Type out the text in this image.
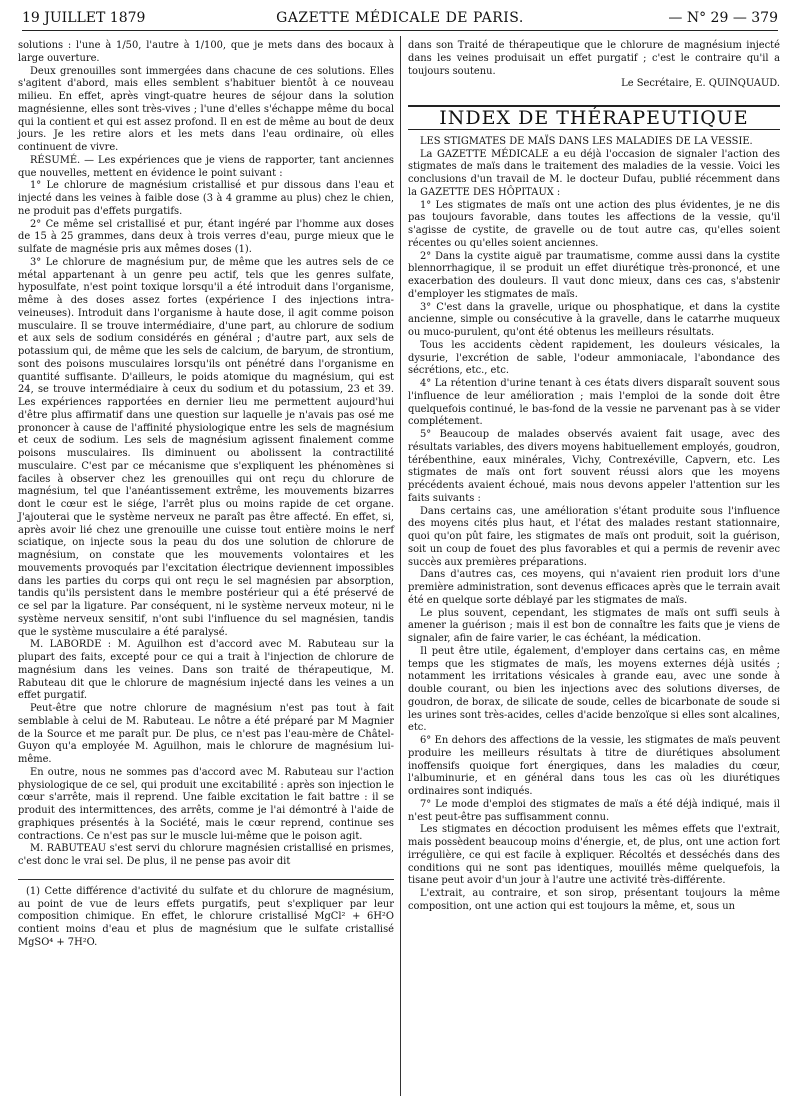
19 JUILLET 1879	GAZETTE MÉDICALE DE PARIS.	— N° 29 — 379

solutions : l'une à 1/50, l'autre à 1/100, que je mets dans des bocaux à large ouverture.

Deux grenouilles sont immergées dans chacune de ces solutions. Elles s'agitent d'abord, mais elles semblent s'habituer bientôt à ce nouveau milieu. En effet, après vingt-quatre heures de séjour dans la solution magnésienne, elles sont très-vives ; l'une d'elles s'échappe même du bocal qui la contient et qui est assez profond. Il en est de même au bout de deux jours. Je les retire alors et les mets dans l'eau ordinaire, où elles continuent de vivre.

RÉSUMÉ. — Les expériences que je viens de rapporter, tant anciennes que nouvelles, mettent en évidence le point suivant :

1° Le chlorure de magnésium cristallisé et pur dissous dans l'eau et injecté dans les veines à faible dose (3 à 4 gramme au plus) chez le chien, ne produit pas d'effets purgatifs.

2° Ce même sel cristallisé et pur, étant ingéré par l'homme aux doses de 15 à 25 grammes, dans deux à trois verres d'eau, purge mieux que le sulfate de magnésie pris aux mêmes doses (1).

3° Le chlorure de magnésium pur, de même que les autres sels de ce métal appartenant à un genre peu actif, tels que les genres sulfate, hyposulfate, n'est point toxique lorsqu'il a été introduit dans l'organisme, même à des doses assez fortes (expérience I des injections intra-veineuses). Introduit dans l'organisme à haute dose, il agit comme poison musculaire. Il se trouve intermédiaire, d'une part, au chlorure de sodium et aux sels de sodium considérés en général ; d'autre part, aux sels de potassium qui, de même que les sels de calcium, de baryum, de strontium, sont des poisons musculaires lorsqu'ils ont pénétré dans l'organisme en quantité suffisante. D'ailleurs, le poids atomique du magnésium, qui est 24, se trouve intermédiaire à ceux du sodium et du potassium, 23 et 39. Les expériences rapportées en dernier lieu me permettent aujourd'hui d'être plus affirmatif dans une question sur laquelle je n'avais pas osé me prononcer à cause de l'affinité physiologique entre les sels de magnésium et ceux de sodium. Les sels de magnésium agissent finalement comme poisons musculaires. Ils diminuent ou abolissent la contractilité musculaire. C'est par ce mécanisme que s'expliquent les phénomènes si faciles à observer chez les grenouilles qui ont reçu du chlorure de magnésium, tel que l'anéantissement extrême, les mouvements bizarres dont le cœur est le siége, l'arrêt plus ou moins rapide de cet organe. J'ajouterai que le système nerveux ne paraît pas être affecté. En effet, si, après avoir lié chez une grenouille une cuisse tout entière moins le nerf sciatique, on injecte sous la peau du dos une solution de chlorure de magnésium, on constate que les mouvements volontaires et les mouvements provoqués par l'excitation électrique deviennent impossibles dans les parties du corps qui ont reçu le sel magnésien par absorption, tandis qu'ils persistent dans le membre postérieur qui a été préservé de ce sel par la ligature. Par conséquent, ni le système nerveux moteur, ni le système nerveux sensitif, n'ont subi l'influence du sel magnésien, tandis que le système musculaire a été paralysé.

M. LABORDE : M. Aguilhon est d'accord avec M. Rabuteau sur la plupart des faits, excepté pour ce qui a trait à l'injection de chlorure de magnésium dans les veines. Dans son traité de thérapeutique, M. Rabuteau dit que le chlorure de magnésium injecté dans les veines a un effet purgatif.

Peut-être que notre chlorure de magnésium n'est pas tout à fait semblable à celui de M. Rabuteau. Le nôtre a été préparé par M Magnier de la Source et me paraît pur. De plus, ce n'est pas l'eau-mère de Châtel-Guyon qu'a employée M. Aguilhon, mais le chlorure de magnésium lui-même.

En outre, nous ne sommes pas d'accord avec M. Rabuteau sur l'action physiologique de ce sel, qui produit une excitabilité : après son injection le cœur s'arrête, mais il reprend. Une faible excitation le fait battre : il se produit des intermittences, des arrêts, comme je l'ai démontré à l'aide de graphiques présentés à la Société, mais le cœur reprend, continue ses contractions. Ce n'est pas sur le muscle lui-même que le poison agit.

M. RABUTEAU s'est servi du chlorure magnésien cristallisé en prismes, c'est donc le vrai sel. De plus, il ne pense pas avoir dit

(1) Cette différence d'activité du sulfate et du chlorure de magnésium, au point de vue de leurs effets purgatifs, peut s'expliquer par leur composition chimique. En effet, le chlorure cristallisé MgCl² + 6H²O contient moins d'eau et plus de magnésium que le sulfate cristallisé MgSO⁴ + 7H²O.

dans son Traité de thérapeutique que le chlorure de magnésium injecté dans les veines produisait un effet purgatif ; c'est le contraire qu'il a toujours soutenu.

Le Secrétaire, E. QUINQUAUD.

INDEX DE THÉRAPEUTIQUE

LES STIGMATES DE MAÏS DANS LES MALADIES DE LA VESSIE.

La GAZETTE MÉDICALE a eu déjà l'occasion de signaler l'action des stigmates de maïs dans le traitement des maladies de la vessie. Voici les conclusions d'un travail de M. le docteur Dufau, publié récemment dans la GAZETTE DES HÔPITAUX :

1° Les stigmates de maïs ont une action des plus évidentes, je ne dis pas toujours favorable, dans toutes les affections de la vessie, qu'il s'agisse de cystite, de gravelle ou de tout autre cas, qu'elles soient récentes ou qu'elles soient anciennes.

2° Dans la cystite aiguë par traumatisme, comme aussi dans la cystite blennorrhagique, il se produit un effet diurétique très-prononcé, et une exacerbation des douleurs. Il vaut donc mieux, dans ces cas, s'abstenir d'employer les stigmates de maïs.

3° C'est dans la gravelle, urique ou phosphatique, et dans la cystite ancienne, simple ou consécutive à la gravelle, dans le catarrhe muqueux ou muco-purulent, qu'ont été obtenus les meilleurs résultats.

Tous les accidents cèdent rapidement, les douleurs vésicales, la dysurie, l'excrétion de sable, l'odeur ammoniacale, l'abondance des sécrétions, etc., etc.

4° La rétention d'urine tenant à ces états divers disparaît souvent sous l'influence de leur amélioration ; mais l'emploi de la sonde doit être quelquefois continué, le bas-fond de la vessie ne parvenant pas à se vider complétement.

5° Beaucoup de malades observés avaient fait usage, avec des résultats variables, des divers moyens habituellement employés, goudron, térébenthine, eaux minérales, Vichy, Contrexéville, Capvern, etc. Les stigmates de maïs ont fort souvent réussi alors que les moyens précédents avaient échoué, mais nous devons appeler l'attention sur les faits suivants :

Dans certains cas, une amélioration s'étant produite sous l'influence des moyens cités plus haut, et l'état des malades restant stationnaire, quoi qu'on pût faire, les stigmates de maïs ont produit, soit la guérison, soit un coup de fouet des plus favorables et qui a permis de revenir avec succès aux premières préparations.

Dans d'autres cas, ces moyens, qui n'avaient rien produit lors d'une première administration, sont devenus efficaces après que le terrain avait été en quelque sorte déblayé par les stigmates de maïs.

Le plus souvent, cependant, les stigmates de maïs ont suffi seuls à amener la guérison ; mais il est bon de connaître les faits que je viens de signaler, afin de faire varier, le cas échéant, la médication.

Il peut être utile, également, d'employer dans certains cas, en même temps que les stigmates de maïs, les moyens externes déjà usités ; notamment les irritations vésicales à grande eau, avec une sonde à double courant, ou bien les injections avec des solutions diverses, de goudron, de borax, de silicate de soude, celles de bicarbonate de soude si les urines sont très-acides, celles d'acide benzoïque si elles sont alcalines, etc.

6° En dehors des affections de la vessie, les stigmates de maïs peuvent produire les meilleurs résultats à titre de diurétiques absolument inoffensifs quoique fort énergiques, dans les maladies du cœur, l'albuminurie, et en général dans tous les cas où les diurétiques ordinaires sont indiqués.

7° Le mode d'emploi des stigmates de maïs a été déjà indiqué, mais il n'est peut-être pas suffisamment connu.

Les stigmates en décoction produisent les mêmes effets que l'extrait, mais possèdent beaucoup moins d'énergie, et, de plus, ont une action fort irrégulière, ce qui est facile à expliquer. Récoltés et desséchés dans des conditions qui ne sont pas identiques, mouillés même quelquefois, la tisane peut avoir d'un jour à l'autre une activité très-différente.

L'extrait, au contraire, et son sirop, présentant toujours la même composition, ont une action qui est toujours la même, et, sous un
